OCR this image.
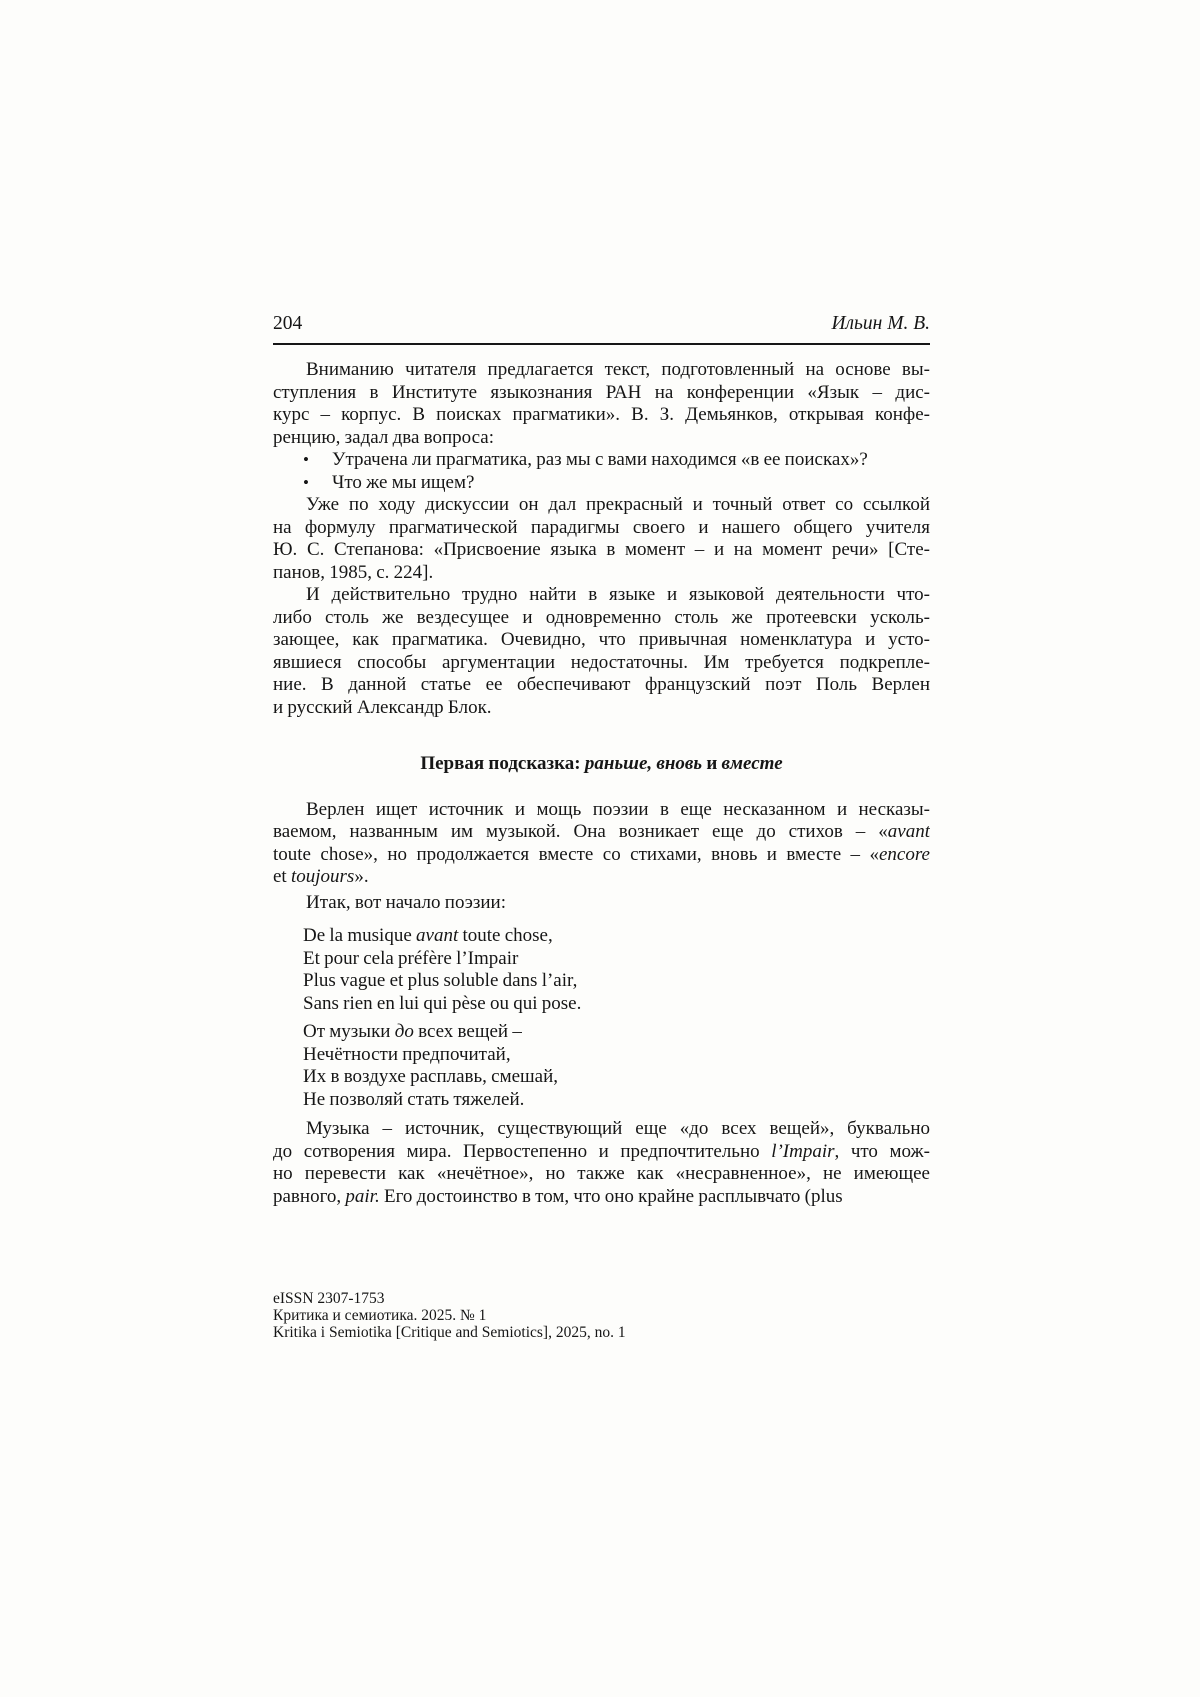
204	Ильин М. В.
Вниманию читателя предлагается текст, подготовленный на основе вы-
ступления в Институте языкознания РАН на конференции «Язык – дис-
курс – корпус. В поисках прагматики». В. З. Демьянков, открывая конфе-
ренцию, задал два вопроса:
• Утрачена ли прагматика, раз мы с вами находимся «в ее поисках»?
• Что же мы ищем?
Уже по ходу дискуссии он дал прекрасный и точный ответ со ссылкой
на формулу прагматической парадигмы своего и нашего общего учителя
Ю. С. Степанова: «Присвоение языка в момент – и на момент речи» [Сте-
панов, 1985, с. 224].
И действительно трудно найти в языке и языковой деятельности что-
либо столь же вездесущее и одновременно столь же протеевски усколь-
зающее, как прагматика. Очевидно, что привычная номенклатура и усто-
явшиеся способы аргументации недостаточны. Им требуется подкрепле-
ние. В данной статье ее обеспечивают французский поэт Поль Верлен
и русский Александр Блок.
Первая подсказка: раньше, вновь и вместе
Верлен ищет источник и мощь поэзии в еще несказанном и несказы-
ваемом, названным им музыкой. Она возникает еще до стихов – «avant
toute chose», но продолжается вместе со стихами, вновь и вместе – «encore
et toujours».
Итак, вот начало поэзии:
De la musique avant toute chose,
Et pour cela préfère l’Impair
Plus vague et plus soluble dans l’air,
Sans rien en lui qui pèse ou qui pose.
От музыки до всех вещей –
Нечётности предпочитай,
Их в воздухе расплавь, смешай,
Не позволяй стать тяжелей.
Музыка – источник, существующий еще «до всех вещей», буквально
до сотворения мира. Первостепенно и предпочтительно l’Impair, что мож-
но перевести как «нечётное», но также как «несравненное», не имеющее
равного, pair. Его достоинство в том, что оно крайне расплывчато (plus
eISSN 2307-1753
Критика и семиотика. 2025. № 1
Kritika i Semiotika [Critique and Semiotics], 2025, no. 1
